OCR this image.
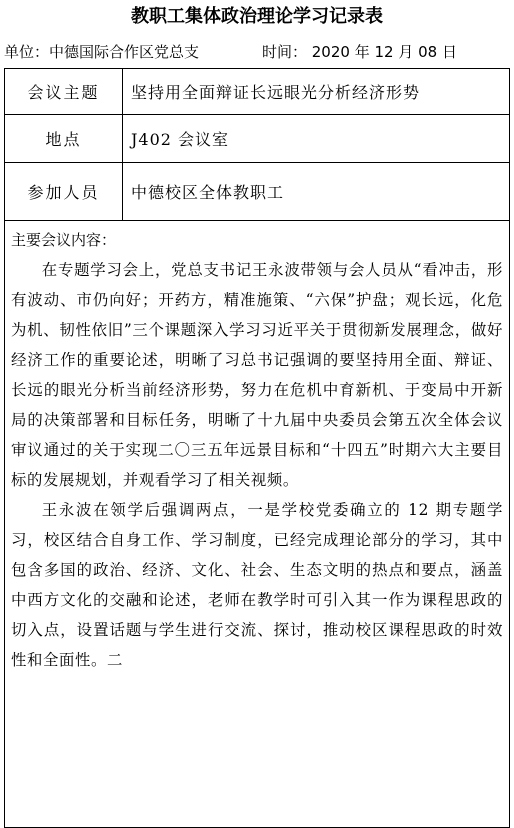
教职工集体政治理论学习记录表
单位：中德国际合作区党总支	时间： 2020 年 12 月 08 日
会议主题	坚持用全面辩证长远眼光分析经济形势
地点	J402 会议室
参加人员	中德校区全体教职工
主要会议内容：

在专题学习会上，党总支书记王永波带领与会人员从“看冲击，形有波动、市仍向好；开药方，精准施策、“六保”护盘；观长远，化危为机、韧性依旧”三个课题深入学习习近平关于贯彻新发展理念，做好经济工作的重要论述，明晰了习总书记强调的要坚持用全面、辩证、长远的眼光分析当前经济形势，努力在危机中育新机、于变局中开新局的决策部署和目标任务，明晰了十九届中央委员会第五次全体会议审议通过的关于实现二〇三五年远景目标和“十四五”时期六大主要目标的发展规划，并观看学习了相关视频。

王永波在领学后强调两点，一是学校党委确立的 12 期专题学习，校区结合自身工作、学习制度，已经完成理论部分的学习，其中包含多国的政治、经济、文化、社会、生态文明的热点和要点，涵盖中西方文化的交融和论述，老师在教学时可引入其一作为课程思政的切入点，设置话题与学生进行交流、探讨，推动校区课程思政的时效性和全面性。二
